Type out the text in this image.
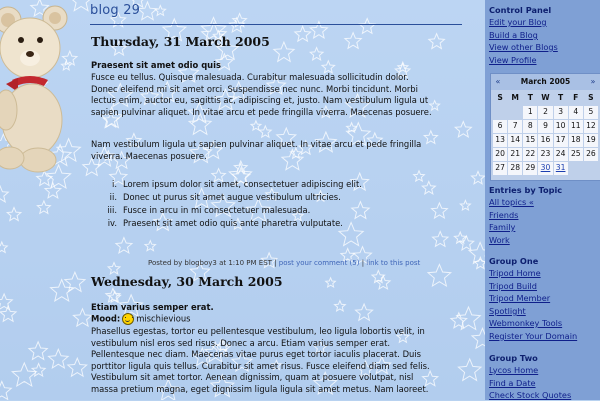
blog 29
Thursday, 31 March 2005
Praesent sit amet odio quis
Fusce eu tellus. Quisque malesuada. Curabitur malesuada sollicitudin dolor.
Donec eleifend mi sit amet orci. Suspendisse nec nunc. Morbi tincidunt. Morbi
lectus enim, auctor eu, sagittis ac, adipiscing et, justo. Nam vestibulum ligula ut
sapien pulvinar aliquet. In vitae arcu et pede fringilla viverra. Maecenas posuere.
Nam vestibulum ligula ut sapien pulvinar aliquet. In vitae arcu et pede fringilla
viverra. Maecenas posuere.
i. Lorem ipsum dolor sit amet, consectetuer adipiscing elit.
ii. Donec ut purus sit amet augue vestibulum ultricies.
iii. Fusce in arcu in mi consectetuer malesuada.
iv. Praesent sit amet odio quis ante pharetra vulputate.
Posted by blogboy3 at 1:10 PM EST | post your comment (5) | link to this post
Wednesday, 30 March 2005
Etiam varius semper erat.
Mood: mischievious
Phasellus egestas, tortor eu pellentesque vestibulum, leo ligula lobortis velit, in
vestibulum nisl eros sed risus. Donec a arcu. Etiam varius semper erat.
Pellentesque nec diam. Maecenas vitae purus eget tortor iaculis placerat. Duis
porttitor ligula quis tellus. Curabitur sit amet risus. Fusce eleifend diam sed felis.
Vestibulum sit amet tortor. Aenean dignissim, quam at posuere volutpat, nisl
massa pretium magna, eget dignissim ligula ligula sit amet metus. Nam laoreet.
Control Panel
Edit your Blog
Build a Blog
View other Blogs
View Profile
March 2005
«	»
S	M	T	W	T	F	S
		1	2	3	4	5
6	7	8	9	10	11	12
13	14	15	16	17	18	19
20	21	22	23	24	25	26
27	28	29	30	31		
Entries by Topic
All topics «
Friends
Family
Work
Group One
Tripod Home
Tripod Build
Tripod Member
Spotlight
Webmonkey Tools
Register Your Domain
Group Two
Lycos Home
Find a Date
Check Stock Quotes
